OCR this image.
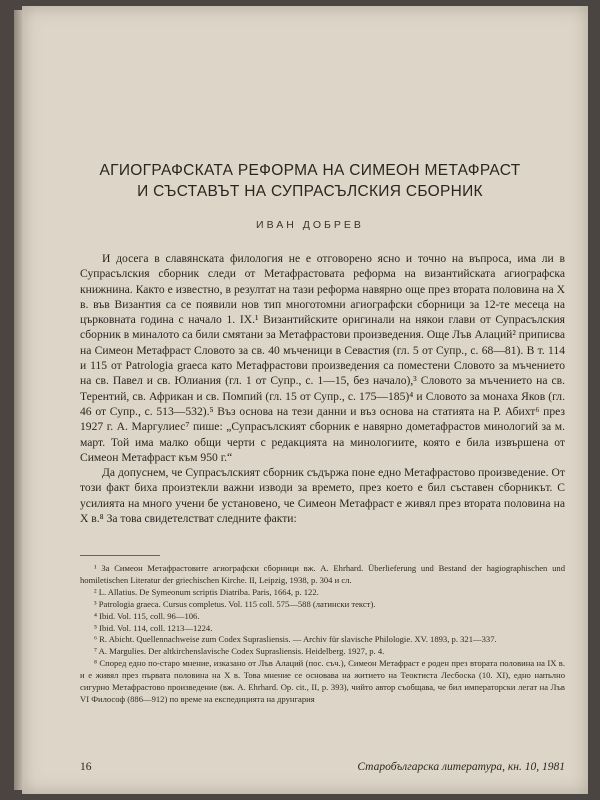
АГИОГРАФСКАТА РЕФОРМА НА СИМЕОН МЕТАФРАСТ
И СЪСТАВЪТ НА СУПРАСЪЛСКИЯ СБОРНИК
ИВАН ДОБРЕВ

И досега в славянската филология не е отговорено ясно и точно на въпроса, има ли в Супрасълския сборник следи от Метафрастовата реформа на византийската агиографска книжнина. Както е известно, в резултат на тази реформа навярно още през втората половина на X в. във Византия са се появили нов тип многотомни агиографски сборници за 12-те месеца на църковната година с начало 1. IX.¹ Византийските оригинали на някои глави от Супрасълския сборник в миналото са били смятани за Метафрастови произведения. Още Лъв Алаций² приписва на Симеон Метафраст Словото за св. 40 мъченици в Севастия (гл. 5 от Супр., с. 68—81). В т. 114 и 115 от Patrologia graeca като Метафрастови произведения са поместени Словото за мъчението на св. Павел и св. Юлиания (гл. 1 от Супр., с. 1—15, без начало),³ Словото за мъчението на св. Терентий, св. Африкан и св. Помпий (гл. 15 от Супр., с. 175—185)⁴ и Словото за монаха Яков (гл. 46 от Супр., с. 513—532).⁵ Въз основа на тези данни и въз основа на статията на Р. Абихт⁶ през 1927 г. А. Маргулиес⁷ пише: „Супрасълският сборник е навярно дометафрастов минологий за м. март. Той има малко общи черти с редакцията на минологиите, която е била извършена от Симеон Метафраст към 950 г.“

Да допуснем, че Супрасълският сборник съдържа поне едно Метафрастово произведение. От този факт биха произтекли важни изводи за времето, през което е бил съставен сборникът. С усилията на много учени бе установено, че Симеон Метафраст е живял през втората половина на X в.⁸ За това свидетелстват следните факти:

¹ За Симеон Метафрастовите агиографски сборници вж. A. Ehrhard. Überlieferung und Bestand der hagiographischen und homiletischen Literatur der griechischen Kirche. II, Leipzig, 1938, p. 304 и сл.

² L. Allatius. De Symeonum scriptis Diatriba. Paris, 1664, p. 122.

³ Patrologia graeca. Cursus completus. Vol. 115 coll. 575—588 (латински текст).

⁴ Ibid. Vol. 115, coll. 96—106.

⁵ Ibid. Vol. 114, coll. 1213—1224.

⁶ R. Abicht. Quellennachweise zum Codex Suprasliensis. — Archiv für slavische Philologie. XV. 1893, p. 321—337.

⁷ A. Margulies. Der altkirchenslavische Codex Suprasliensis. Heidelberg. 1927, p. 4.

⁸ Според едно по-старо мнение, изказано от Лъв Алаций (пос. съч.), Симеон Метафраст е роден през втората половина на IX в. и е живял през първата половина на X в. Това мнение се основава на житието на Теоктиста Лесбоска (10. XI), едно напълно сигурно Метафрастово произведение (вж. A. Ehrhard. Op. cit., II, p. 393), чийто автор съобщава, че бил императорски легат на Лъв VI Философ (886—912) по време на експедицията на друнгария

16	Старобългарска литература, кн. 10, 1981
